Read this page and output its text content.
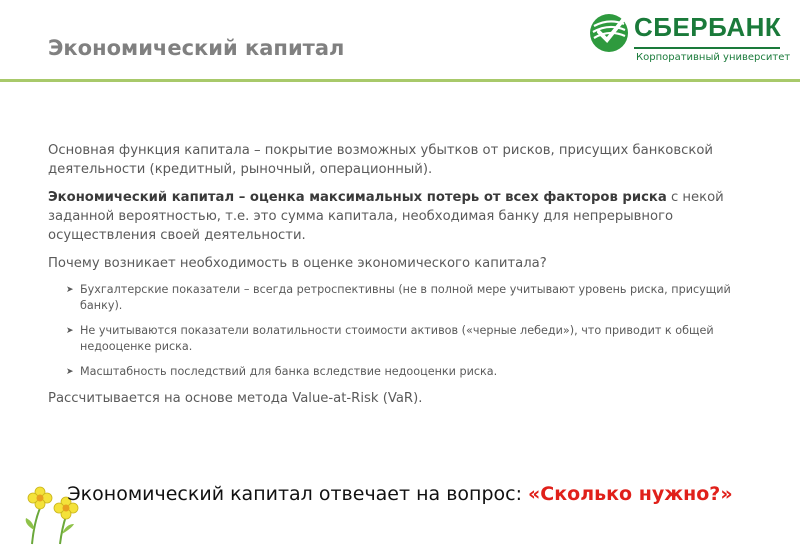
Экономический капитал
СБЕРБАНК
Корпоративный университет

Основная функция капитала – покрытие возможных убытков от рисков, присущих банковской деятельности (кредитный, рыночный, операционный).

Экономический капитал – оценка максимальных потерь от всех факторов риска с некой заданной вероятностью, т.е. это сумма капитала, необходимая банку для непрерывного осуществления своей деятельности.

Почему возникает необходимость в оценке экономического капитала?

➤ Бухгалтерские показатели – всегда ретроспективны (не в полной мере учитывают уровень риска, присущий банку).
➤ Не учитываются показатели волатильности стоимости активов («черные лебеди»), что приводит к общей недооценке риска.
➤ Масштабность последствий для банка вследствие недооценки риска.

Рассчитывается на основе метода Value-at-Risk (VaR).

Экономический капитал отвечает на вопрос: «Сколько нужно?»
